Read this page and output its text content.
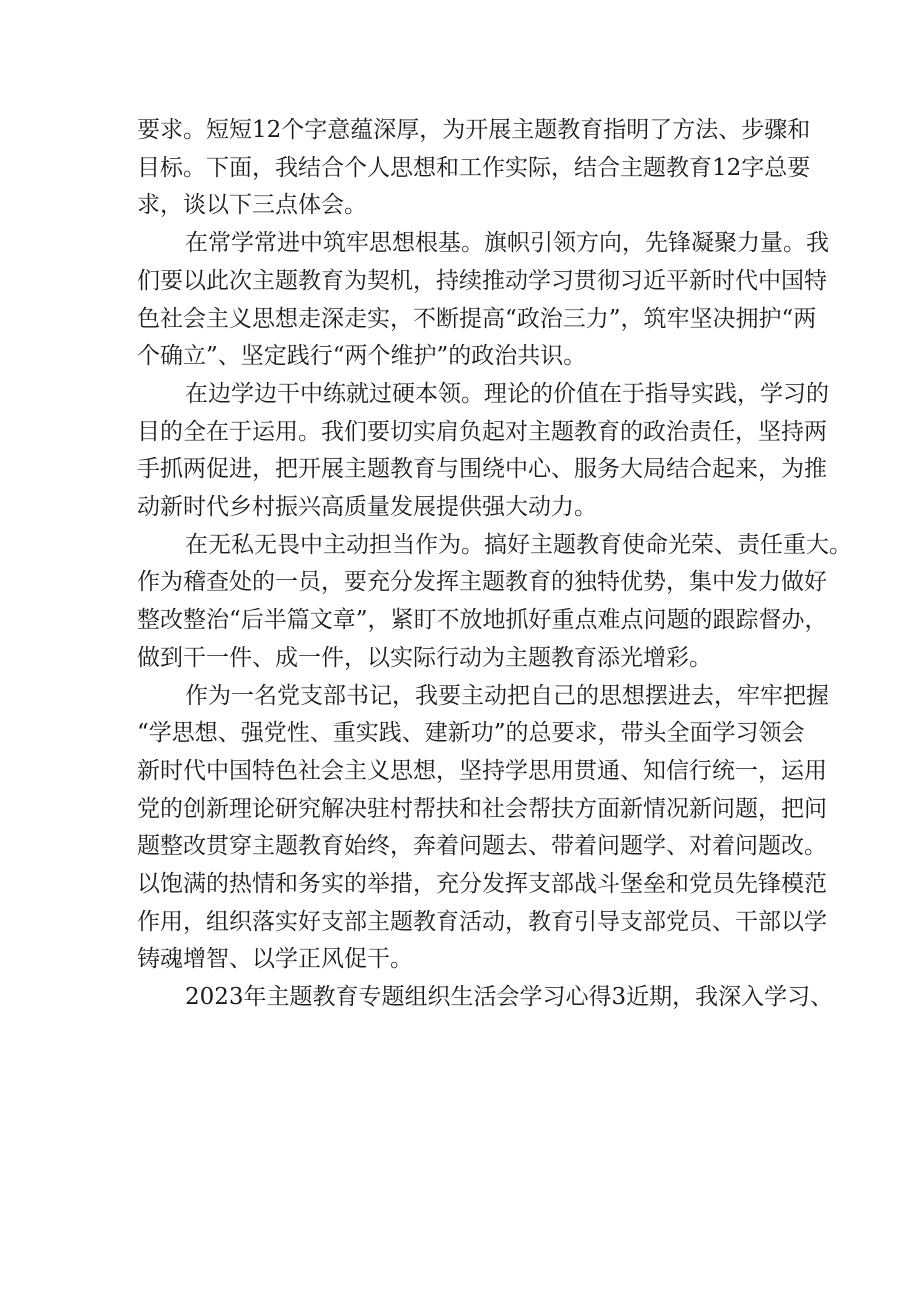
要求。短短12个字意蕴深厚，为开展主题教育指明了方法、步骤和
目标。下面，我结合个人思想和工作实际，结合主题教育12字总要
求，谈以下三点体会。

在常学常进中筑牢思想根基。旗帜引领方向，先锋凝聚力量。我
们要以此次主题教育为契机，持续推动学习贯彻习近平新时代中国特
色社会主义思想走深走实，不断提高“政治三力”，筑牢坚决拥护“两
个确立”、坚定践行“两个维护”的政治共识。

在边学边干中练就过硬本领。理论的价值在于指导实践，学习的
目的全在于运用。我们要切实肩负起对主题教育的政治责任，坚持两
手抓两促进，把开展主题教育与围绕中心、服务大局结合起来，为推
动新时代乡村振兴高质量发展提供强大动力。

在无私无畏中主动担当作为。搞好主题教育使命光荣、责任重大。
作为稽查处的一员，要充分发挥主题教育的独特优势，集中发力做好
整改整治“后半篇文章”，紧盯不放地抓好重点难点问题的跟踪督办，
做到干一件、成一件，以实际行动为主题教育添光增彩。

作为一名党支部书记，我要主动把自己的思想摆进去，牢牢把握
“学思想、强党性、重实践、建新功”的总要求，带头全面学习领会
新时代中国特色社会主义思想，坚持学思用贯通、知信行统一，运用
党的创新理论研究解决驻村帮扶和社会帮扶方面新情况新问题，把问
题整改贯穿主题教育始终，奔着问题去、带着问题学、对着问题改。
以饱满的热情和务实的举措，充分发挥支部战斗堡垒和党员先锋模范
作用，组织落实好支部主题教育活动，教育引导支部党员、干部以学
铸魂增智、以学正风促干。

2023年主题教育专题组织生活会学习心得3近期，我深入学习、
